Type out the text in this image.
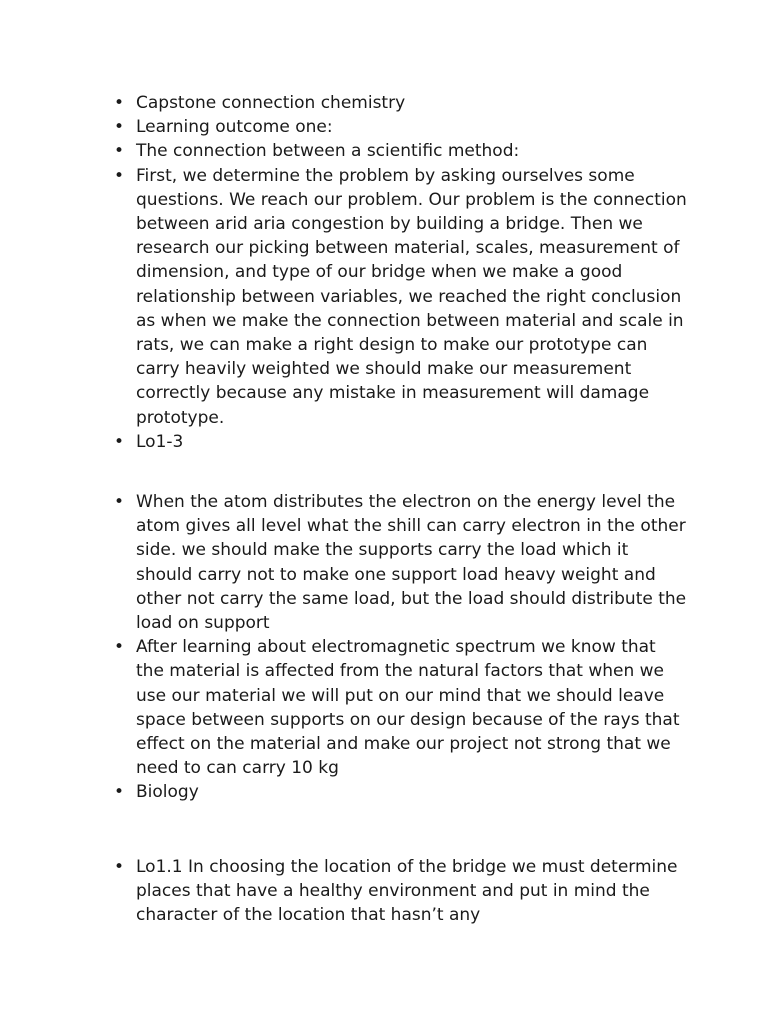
•
Capstone connection chemistry
•
Learning outcome one:
•
The connection between a scientific method:
•
First, we determine the problem by asking ourselves some questions. We reach our problem. Our problem is the connection between arid aria congestion by building a bridge. Then we research our picking between material, scales, measurement of dimension, and type of our bridge when we make a good relationship between variables, we reached the right conclusion as when we make the connection between material and scale in rats, we can make a right design to make our prototype can carry heavily weighted we should make our measurement correctly because any mistake in measurement will damage prototype.
•
Lo1-3
•
When the atom distributes the electron on the energy level the atom gives all level what the shill can carry electron in the other side. we should make the supports carry the load which it should carry not to make one support load heavy weight and other not carry the same load, but the load should distribute the load on support
•
After learning about electromagnetic spectrum we know that the material is affected from the natural factors that when we use our material we will put on our mind that we should leave space between supports on our design because of the rays that effect on the material and make our project not strong that we need to can carry 10 kg
•
Biology
•
Lo1.1 In choosing the location of the bridge we must determine places that have a healthy environment and put in mind the character of the location that hasn’t any
